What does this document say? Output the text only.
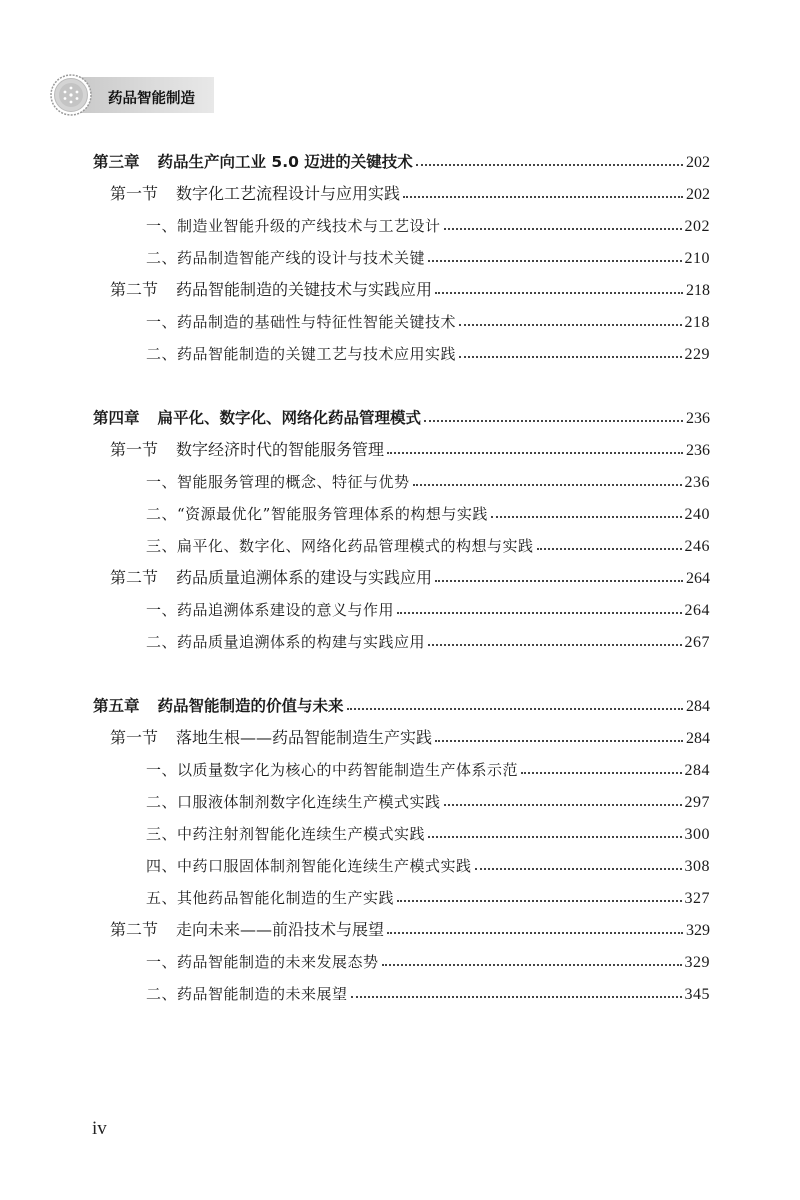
药品智能制造
第三章 药品生产向工业 5.0 迈进的关键技术	202
第一节 数字化工艺流程设计与应用实践	202
一、制造业智能升级的产线技术与工艺设计	202
二、药品制造智能产线的设计与技术关键	210
第二节 药品智能制造的关键技术与实践应用	218
一、药品制造的基础性与特征性智能关键技术	218
二、药品智能制造的关键工艺与技术应用实践	229
第四章 扁平化、数字化、网络化药品管理模式	236
第一节 数字经济时代的智能服务管理	236
一、智能服务管理的概念、特征与优势	236
二、“资源最优化”智能服务管理体系的构想与实践	240
三、扁平化、数字化、网络化药品管理模式的构想与实践	246
第二节 药品质量追溯体系的建设与实践应用	264
一、药品追溯体系建设的意义与作用	264
二、药品质量追溯体系的构建与实践应用	267
第五章 药品智能制造的价值与未来	284
第一节 落地生根——药品智能制造生产实践	284
一、以质量数字化为核心的中药智能制造生产体系示范	284
二、口服液体制剂数字化连续生产模式实践	297
三、中药注射剂智能化连续生产模式实践	300
四、中药口服固体制剂智能化连续生产模式实践	308
五、其他药品智能化制造的生产实践	327
第二节 走向未来——前沿技术与展望	329
一、药品智能制造的未来发展态势	329
二、药品智能制造的未来展望	345
iv
